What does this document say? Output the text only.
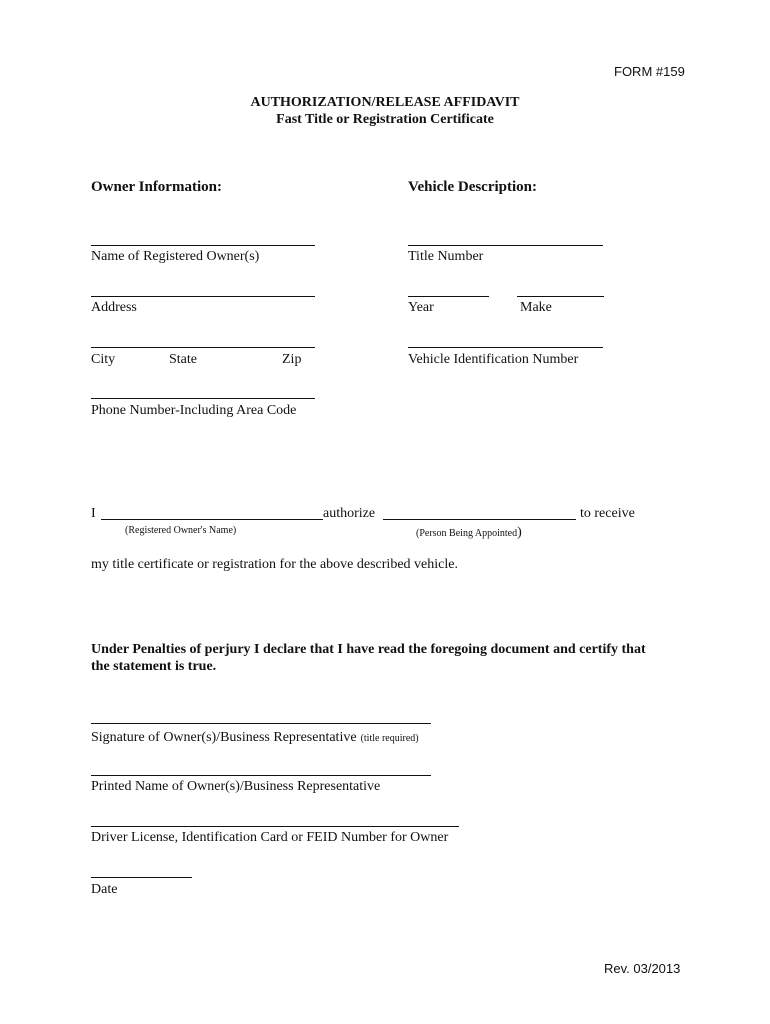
FORM #159
AUTHORIZATION/RELEASE AFFIDAVIT
Fast Title or Registration Certificate
Owner Information:	Vehicle Description:
Name of Registered Owner(s)	Title Number
Address	Year	Make
City	State	Zip	Vehicle Identification Number
Phone Number-Including Area Code
I	authorize	to receive
(Registered Owner's Name)	(Person Being Appointed)
my title certificate or registration for the above described vehicle.
Under Penalties of perjury I declare that I have read the foregoing document and certify that
the statement is true.
Signature of Owner(s)/Business Representative (title required)
Printed Name of Owner(s)/Business Representative
Driver License, Identification Card or FEID Number for Owner
Date
Rev. 03/2013
